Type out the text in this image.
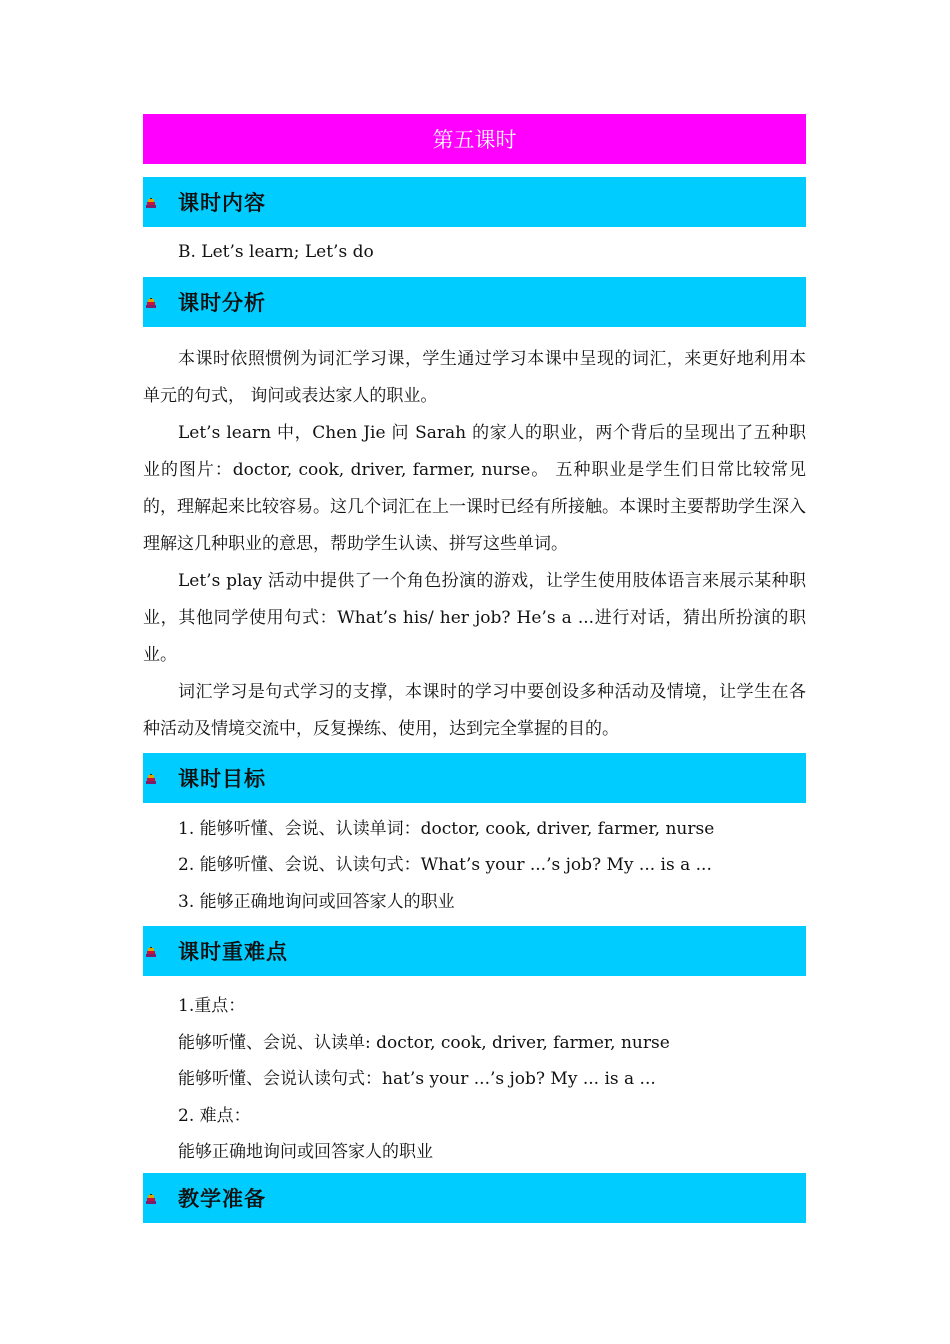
第五课时
课时内容

B. Let’s learn; Let’s do

课时分析

本课时依照惯例为词汇学习课，学生通过学习本课中呈现的词汇，来更好地利用本单元的句式， 询问或表达家人的职业。

Let’s learn 中，Chen Jie 问 Sarah 的家人的职业，两个背后的呈现出了五种职业的图片：doctor, cook, driver, farmer, nurse。 五种职业是学生们日常比较常见的，理解起来比较容易。这几个词汇在上一课时已经有所接触。本课时主要帮助学生深入理解这几种职业的意思，帮助学生认读、拼写这些单词。

Let’s play 活动中提供了一个角色扮演的游戏，让学生使用肢体语言来展示某种职业，其他同学使用句式：What’s his/ her job? He’s a ...进行对话，猜出所扮演的职业。

词汇学习是句式学习的支撑，本课时的学习中要创设多种活动及情境，让学生在各种活动及情境交流中，反复操练、使用，达到完全掌握的目的。

课时目标

1. 能够听懂、会说、认读单词：doctor, cook, driver, farmer, nurse

2. 能够听懂、会说、认读句式：What’s your ...’s job? My ... is a ...

3. 能够正确地询问或回答家人的职业

课时重难点

1.重点：

能够听懂、会说、认读单: doctor, cook, driver, farmer, nurse

能够听懂、会说认读句式：hat’s your ...’s job? My ... is a ...

2. 难点：

能够正确地询问或回答家人的职业

教学准备
